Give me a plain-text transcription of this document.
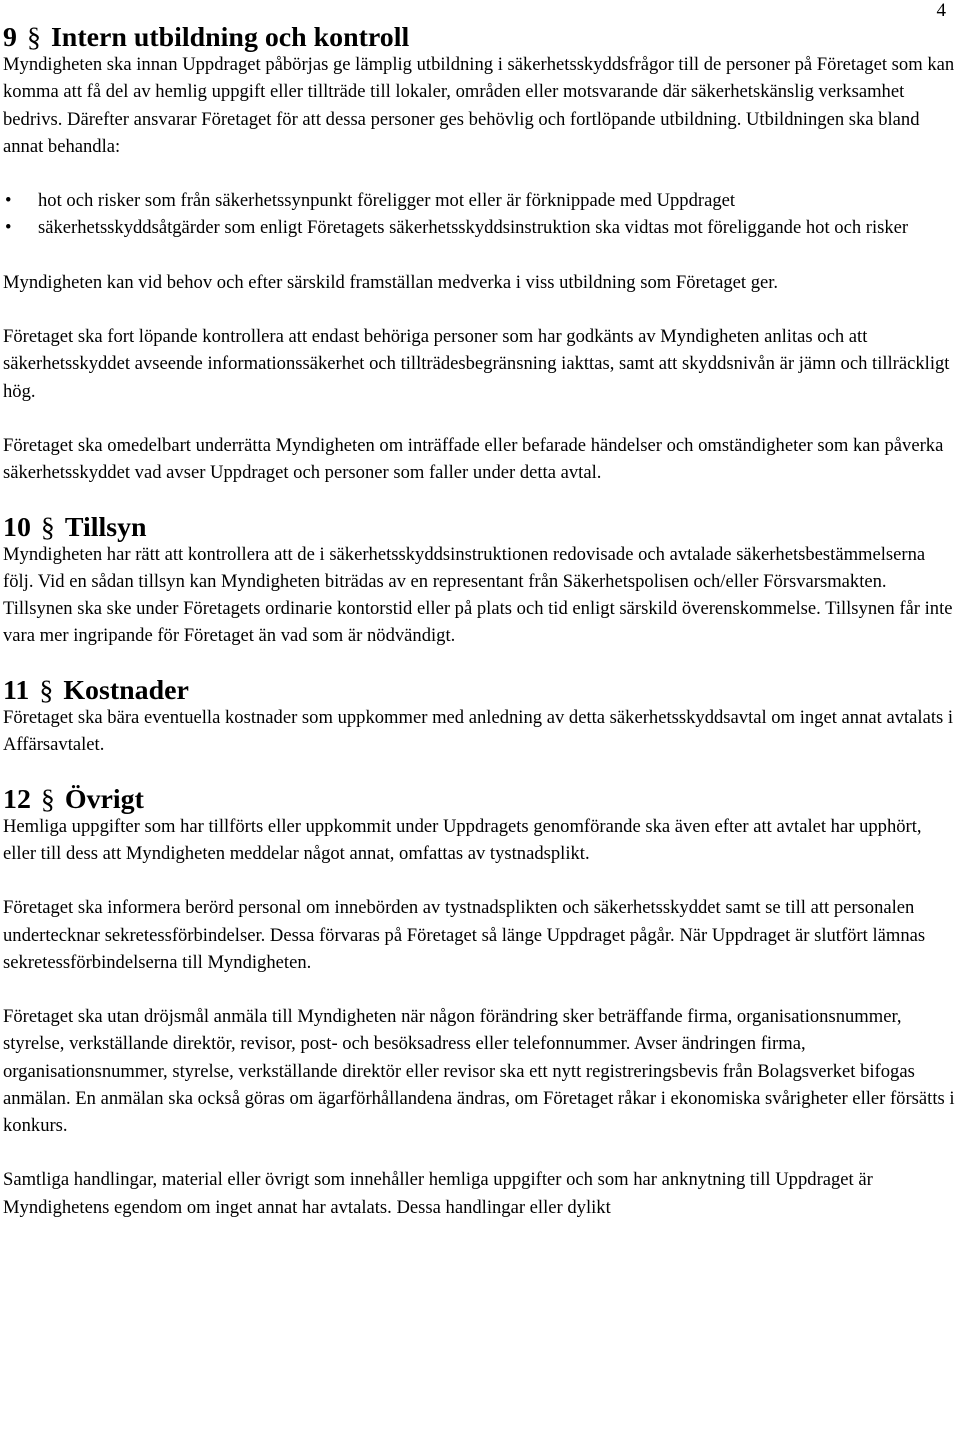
4
9 § Intern utbildning och kontroll

Myndigheten ska innan Uppdraget påbörjas ge lämplig utbildning i säkerhetsskyddsfrågor till de personer på Företaget som kan komma att få del av hemlig uppgift eller tillträde till lokaler, områden eller motsvarande där säkerhetskänslig verksamhet bedrivs. Därefter ansvarar Företaget för att dessa personer ges behövlig och fortlöpande utbildning. Utbildningen ska bland annat behandla:

• hot och risker som från säkerhetssynpunkt föreligger mot eller är förknippade med Uppdraget
• säkerhetsskyddsåtgärder som enligt Företagets säkerhetsskyddsinstruktion ska vidtas mot föreliggande hot och risker

Myndigheten kan vid behov och efter särskild framställan medverka i viss utbildning som Företaget ger.

Företaget ska fort löpande kontrollera att endast behöriga personer som har godkänts av Myndigheten anlitas och att säkerhetsskyddet avseende informationssäkerhet och tillträdesbegränsning iakttas, samt att skyddsnivån är jämn och tillräckligt hög.

Företaget ska omedelbart underrätta Myndigheten om inträffade eller befarade händelser och omständigheter som kan påverka säkerhetsskyddet vad avser Uppdraget och personer som faller under detta avtal.

10 § Tillsyn

Myndigheten har rätt att kontrollera att de i säkerhetsskyddsinstruktionen redovisade och avtalade säkerhetsbestämmelserna följ. Vid en sådan tillsyn kan Myndigheten biträdas av en representant från Säkerhetspolisen och/eller Försvarsmakten. Tillsynen ska ske under Företagets ordinarie kontorstid eller på plats och tid enligt särskild överenskommelse. Tillsynen får inte vara mer ingripande för Företaget än vad som är nödvändigt.

11 § Kostnader

Företaget ska bära eventuella kostnader som uppkommer med anledning av detta säkerhetsskyddsavtal om inget annat avtalats i Affärsavtalet.

12 § Övrigt

Hemliga uppgifter som har tillförts eller uppkommit under Uppdragets genomförande ska även efter att avtalet har upphört, eller till dess att Myndigheten meddelar något annat, omfattas av tystnadsplikt.

Företaget ska informera berörd personal om innebörden av tystnadsplikten och säkerhetsskyddet samt se till att personalen undertecknar sekretessförbindelser. Dessa förvaras på Företaget så länge Uppdraget pågår. När Uppdraget är slutfört lämnas sekretessförbindelserna till Myndigheten.

Företaget ska utan dröjsmål anmäla till Myndigheten när någon förändring sker beträffande firma, organisationsnummer, styrelse, verkställande direktör, revisor, post- och besöksadress eller telefonnummer. Avser ändringen firma, organisationsnummer, styrelse, verkställande direktör eller revisor ska ett nytt registreringsbevis från Bolagsverket bifogas anmälan. En anmälan ska också göras om ägarförhållandena ändras, om Företaget råkar i ekonomiska svårigheter eller försätts i konkurs.

Samtliga handlingar, material eller övrigt som innehåller hemliga uppgifter och som har anknytning till Uppdraget är Myndighetens egendom om inget annat har avtalats. Dessa handlingar eller dylikt
